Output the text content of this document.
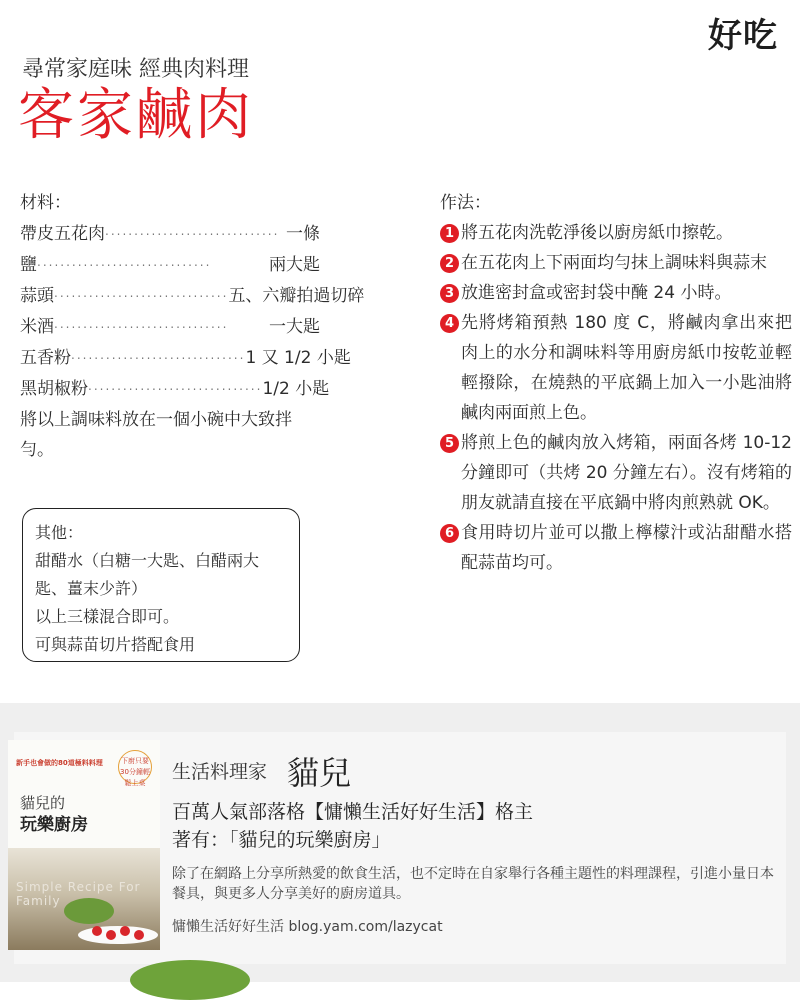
好吃
尋常家庭味 經典肉料理
客家鹹肉
材料：
帶皮五花肉 ‧‧‧‧‧‧‧‧‧‧‧‧‧‧‧‧‧‧‧‧‧‧‧‧‧‧‧‧‧‧ 一條
鹽 ‧‧‧‧‧‧‧‧‧‧‧‧‧‧‧‧‧‧‧‧‧‧‧‧‧‧‧‧‧‧	兩大匙
蒜頭 ‧‧‧‧‧‧‧‧‧‧‧‧‧‧‧‧‧‧‧‧‧‧‧‧‧‧‧‧‧‧ 五、六瓣拍過切碎
米酒 ‧‧‧‧‧‧‧‧‧‧‧‧‧‧‧‧‧‧‧‧‧‧‧‧‧‧‧‧‧‧	一大匙
五香粉 ‧‧‧‧‧‧‧‧‧‧‧‧‧‧‧‧‧‧‧‧‧‧‧‧‧‧‧‧‧‧ 1 又 1/2 小匙
黑胡椒粉 ‧‧‧‧‧‧‧‧‧‧‧‧‧‧‧‧‧‧‧‧‧‧‧‧‧‧‧‧‧‧ 1/2 小匙
將以上調味料放在一個小碗中大致拌勻。
其他：
甜醋水（白糖一大匙、白醋兩大匙、薑末少許）
以上三樣混合即可。
可與蒜苗切片搭配食用
作法：
1 將五花肉洗乾淨後以廚房紙巾擦乾。
2 在五花肉上下兩面均勻抹上調味料與蒜末
3 放進密封盒或密封袋中醃 24 小時。
4 先將烤箱預熱 180 度 C，將鹹肉拿出來把肉上的水分和調味料等用廚房紙巾按乾並輕輕撥除，在燒熱的平底鍋上加入一小匙油將鹹肉兩面煎上色。
5 將煎上色的鹹肉放入烤箱，兩面各烤 10-12 分鐘即可（共烤 20 分鐘左右）。沒有烤箱的朋友就請直接在平底鍋中將肉煎熟就 OK。
6 食用時切片並可以撒上檸檬汁或沾甜醋水搭配蒜苗均可。
新手也會做的80道極料料理	下廚只要30分鐘輕鬆上桌
貓兒的
玩樂廚房
Simple Recipe For Family
生活料理家 貓兒
百萬人氣部落格【慵懶生活好好生活】格主
著有：「貓兒的玩樂廚房」
除了在網路上分享所熱愛的飲食生活，也不定時在自家舉行各種主題性的料理課程，引進小量日本餐具，與更多人分享美好的廚房道具。
慵懶生活好好生活 blog.yam.com/lazycat
